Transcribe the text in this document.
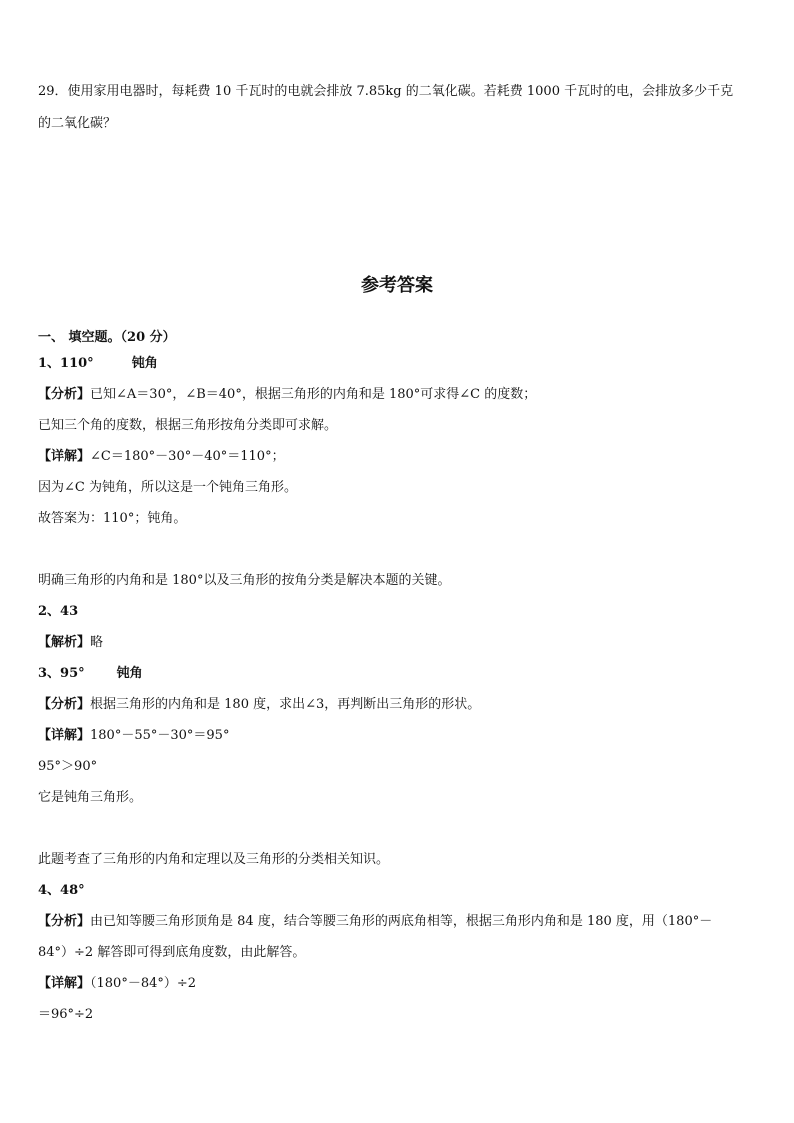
29．使用家用电器时，每耗费 10 千瓦时的电就会排放 7.85kg 的二氧化碳。若耗费 1000 千瓦时的电，会排放多少千克

的二氧化碳？

参考答案

一、 填空题。（20 分）

1、110°	钝角

【分析】已知∠A＝30°，∠B＝40°，根据三角形的内角和是 180°可求得∠C 的度数；

已知三个角的度数，根据三角形按角分类即可求解。

【详解】∠C＝180°－30°－40°＝110°；

因为∠C 为钝角，所以这是一个钝角三角形。

故答案为：110°；钝角。

明确三角形的内角和是 180°以及三角形的按角分类是解决本题的关键。

2、43

【解析】略

3、95° 钝角

【分析】根据三角形的内角和是 180 度，求出∠3，再判断出三角形的形状。

【详解】180°－55°－30°＝95°

95°＞90°

它是钝角三角形。

此题考查了三角形的内角和定理以及三角形的分类相关知识。

4、48°

【分析】由已知等腰三角形顶角是 84 度，结合等腰三角形的两底角相等，根据三角形内角和是 180 度，用（180°－

84°）÷2 解答即可得到底角度数，由此解答。

【详解】（180°－84°）÷2

＝96°÷2
